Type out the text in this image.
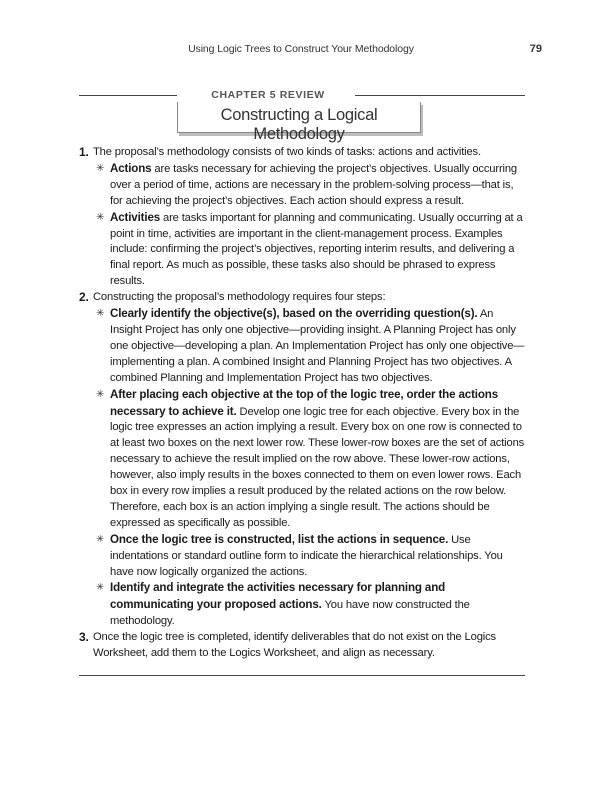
Using Logic Trees to Construct Your Methodology	79
CHAPTER 5 REVIEW
Constructing a Logical Methodology
1. The proposal’s methodology consists of two kinds of tasks: actions and activities.
✳ Actions are tasks necessary for achieving the project’s objectives. Usually occurring over a period of time, actions are necessary in the problem-solving process—that is, for achieving the project’s objectives. Each action should express a result.
✳ Activities are tasks important for planning and communicating. Usually occurring at a point in time, activities are important in the client-management process. Examples include: confirming the project’s objectives, reporting interim results, and delivering a final report. As much as possible, these tasks also should be phrased to express results.
2. Constructing the proposal’s methodology requires four steps:
✳ Clearly identify the objective(s), based on the overriding question(s). An Insight Project has only one objective—providing insight. A Planning Project has only one objective—developing a plan. An Implementation Project has only one objective—implementing a plan. A combined Insight and Planning Project has two objectives. A combined Planning and Implementation Project has two objectives.
✳ After placing each objective at the top of the logic tree, order the actions necessary to achieve it. Develop one logic tree for each objective. Every box in the logic tree expresses an action implying a result. Every box on one row is connected to at least two boxes on the next lower row. These lower-row boxes are the set of actions necessary to achieve the result implied on the row above. These lower-row actions, however, also imply results in the boxes connected to them on even lower rows. Each box in every row implies a result produced by the related actions on the row below. Therefore, each box is an action implying a single result. The actions should be expressed as specifically as possible.
✳ Once the logic tree is constructed, list the actions in sequence. Use indentations or standard outline form to indicate the hierarchical relationships. You have now logically organized the actions.
✳ Identify and integrate the activities necessary for planning and communicating your proposed actions. You have now constructed the methodology.
3. Once the logic tree is completed, identify deliverables that do not exist on the Logics Worksheet, add them to the Logics Worksheet, and align as necessary.
